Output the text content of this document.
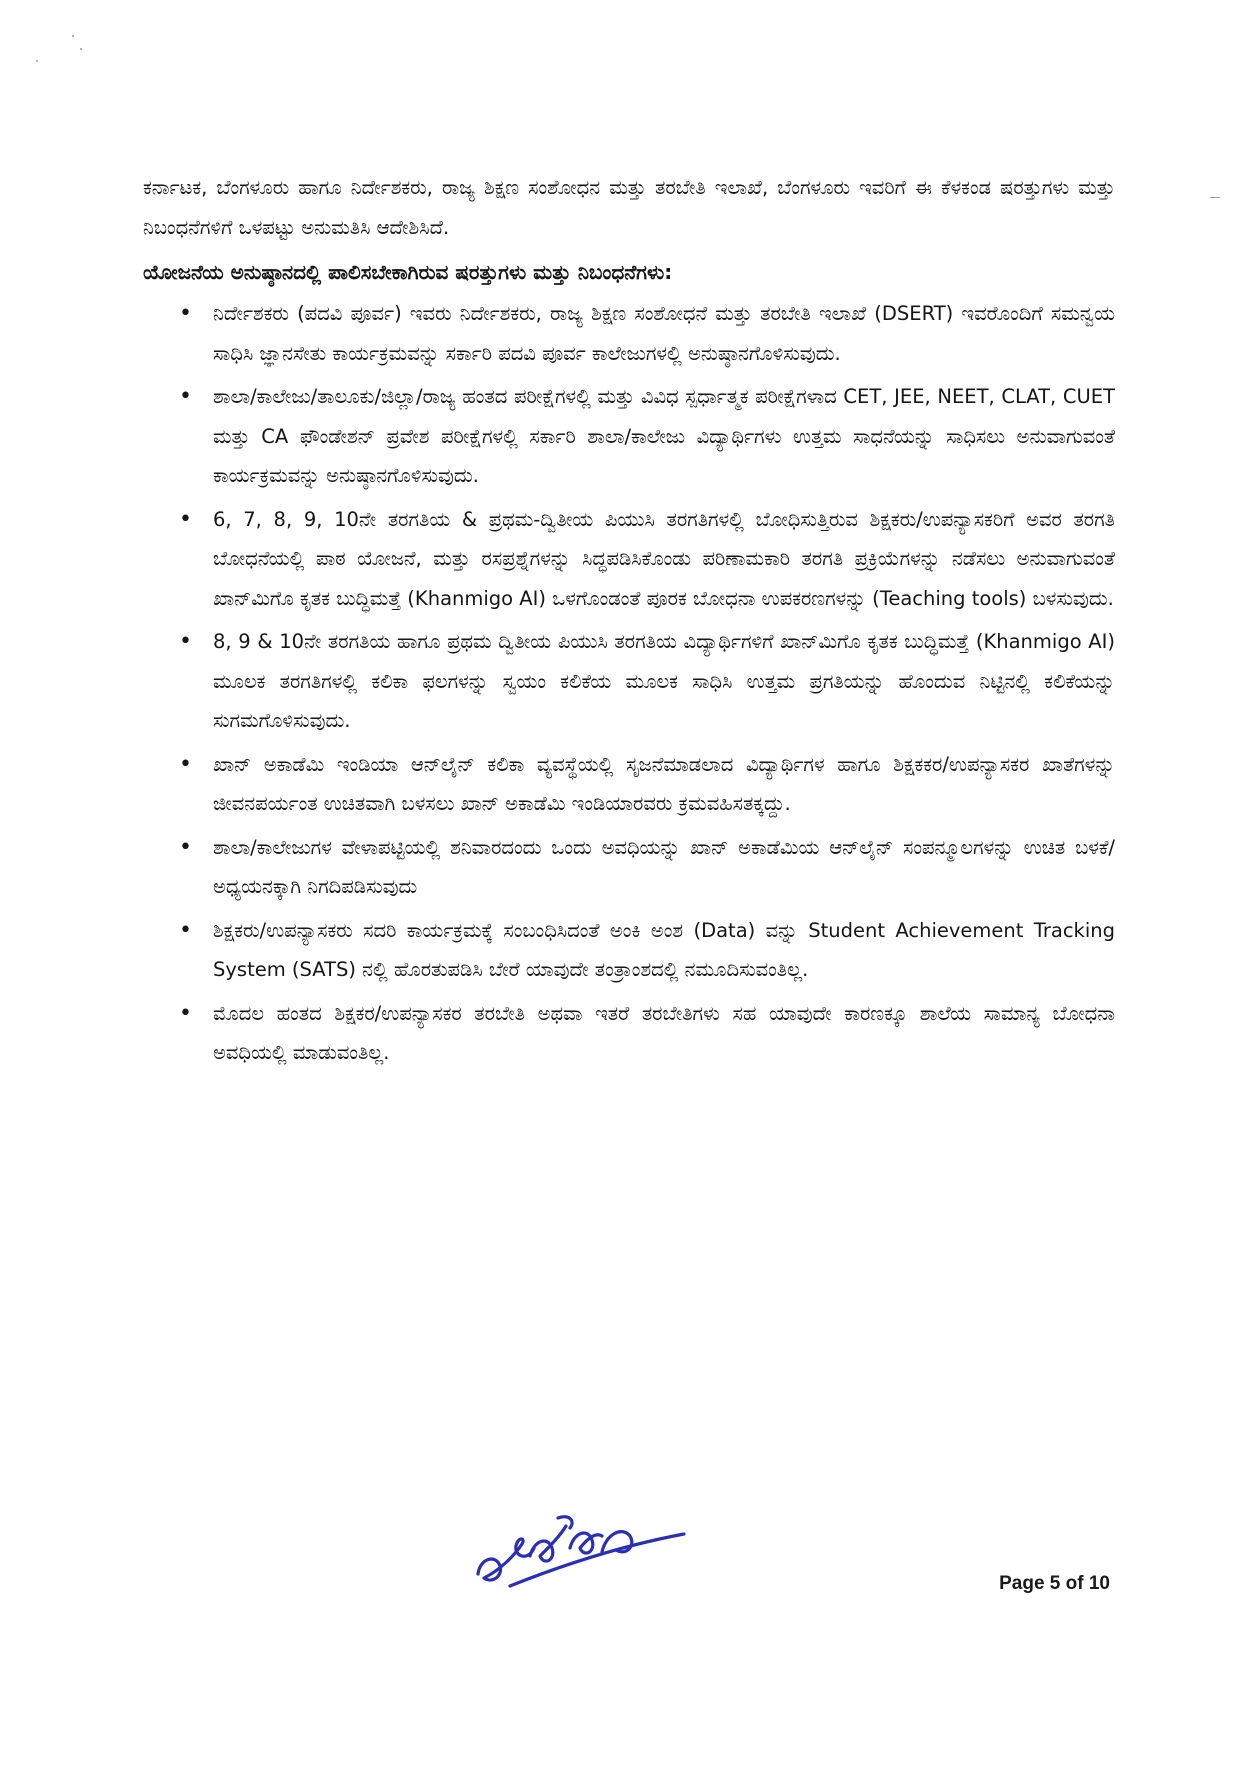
ಕರ್ನಾಟಕ, ಬೆಂಗಳೂರು ಹಾಗೂ ನಿರ್ದೇಶಕರು, ರಾಜ್ಯ ಶಿಕ್ಷಣ ಸಂಶೋಧನ ಮತ್ತು ತರಬೇತಿ ಇಲಾಖೆ, ಬೆಂಗಳೂರು ಇವರಿಗೆ ಈ ಕೆಳಕಂಡ ಷರತ್ತುಗಳು ಮತ್ತು ನಿಬಂಧನೆಗಳಿಗೆ ಒಳಪಟ್ಟು ಅನುಮತಿಸಿ ಆದೇಶಿಸಿದೆ.

ಯೋಜನೆಯ ಅನುಷ್ಠಾನದಲ್ಲಿ ಪಾಲಿಸಬೇಕಾಗಿರುವ ಷರತ್ತುಗಳು ಮತ್ತು ನಿಬಂಧನೆಗಳು:

• ನಿರ್ದೇಶಕರು (ಪದವಿ ಪೂರ್ವ) ಇವರು ನಿರ್ದೇಶಕರು, ರಾಜ್ಯ ಶಿಕ್ಷಣ ಸಂಶೋಧನೆ ಮತ್ತು ತರಬೇತಿ ಇಲಾಖೆ (DSERT) ಇವರೊಂದಿಗೆ ಸಮನ್ವಯ ಸಾಧಿಸಿ ಜ್ಞಾನಸೇತು ಕಾರ್ಯಕ್ರಮವನ್ನು ಸರ್ಕಾರಿ ಪದವಿ ಪೂರ್ವ ಕಾಲೇಜುಗಳಲ್ಲಿ ಅನುಷ್ಠಾನಗೊಳಿಸುವುದು.
• ಶಾಲಾ/ಕಾಲೇಜು/ತಾಲೂಕು/ಜಿಲ್ಲಾ/ರಾಜ್ಯ ಹಂತದ ಪರೀಕ್ಷೆಗಳಲ್ಲಿ ಮತ್ತು ವಿವಿಧ ಸ್ಪರ್ಧಾತ್ಮಕ ಪರೀಕ್ಷೆಗಳಾದ CET, JEE, NEET, CLAT, CUET ಮತ್ತು CA ಫೌಂಡೇಶನ್ ಪ್ರವೇಶ ಪರೀಕ್ಷೆಗಳಲ್ಲಿ ಸರ್ಕಾರಿ ಶಾಲಾ/ಕಾಲೇಜು ವಿದ್ಯಾರ್ಥಿಗಳು ಉತ್ತಮ ಸಾಧನೆಯನ್ನು ಸಾಧಿಸಲು ಅನುವಾಗುವಂತೆ ಕಾರ್ಯಕ್ರಮವನ್ನು ಅನುಷ್ಠಾನಗೊಳಿಸುವುದು.
• 6, 7, 8, 9, 10ನೇ ತರಗತಿಯ & ಪ್ರಥಮ-ದ್ವಿತೀಯ ಪಿಯುಸಿ ತರಗತಿಗಳಲ್ಲಿ ಬೋಧಿಸುತ್ತಿರುವ ಶಿಕ್ಷಕರು/ಉಪನ್ಯಾಸಕರಿಗೆ ಅವರ ತರಗತಿ ಬೋಧನೆಯಲ್ಲಿ ಪಾಠ ಯೋಜನೆ, ಮತ್ತು ರಸಪ್ರಶ್ನೆಗಳನ್ನು ಸಿದ್ಧಪಡಿಸಿಕೊಂಡು ಪರಿಣಾಮಕಾರಿ ತರಗತಿ ಪ್ರಕ್ರಿಯೆಗಳನ್ನು ನಡೆಸಲು ಅನುವಾಗುವಂತೆ ಖಾನ್‌ಮಿಗೊ ಕೃತಕ ಬುದ್ಧಿಮತ್ತೆ (Khanmigo AI) ಒಳಗೊಂಡಂತೆ ಪೂರಕ ಬೋಧನಾ ಉಪಕರಣಗಳನ್ನು (Teaching tools) ಬಳಸುವುದು.
• 8, 9 & 10ನೇ ತರಗತಿಯ ಹಾಗೂ ಪ್ರಥಮ ದ್ವಿತೀಯ ಪಿಯುಸಿ ತರಗತಿಯ ವಿದ್ಯಾರ್ಥಿಗಳಿಗೆ ಖಾನ್‌ಮಿಗೊ ಕೃತಕ ಬುದ್ಧಿಮತ್ತೆ (Khanmigo AI) ಮೂಲಕ ತರಗತಿಗಳಲ್ಲಿ ಕಲಿಕಾ ಫಲಗಳನ್ನು ಸ್ವಯಂ ಕಲಿಕೆಯ ಮೂಲಕ ಸಾಧಿಸಿ ಉತ್ತಮ ಪ್ರಗತಿಯನ್ನು ಹೊಂದುವ ನಿಟ್ಟಿನಲ್ಲಿ ಕಲಿಕೆಯನ್ನು ಸುಗಮಗೊಳಿಸುವುದು.
• ಖಾನ್ ಅಕಾಡೆಮಿ ಇಂಡಿಯಾ ಆನ್‌ಲೈನ್ ಕಲಿಕಾ ವ್ಯವಸ್ಥೆಯಲ್ಲಿ ಸೃಜನೆಮಾಡಲಾದ ವಿದ್ಯಾರ್ಥಿಗಳ ಹಾಗೂ ಶಿಕ್ಷಕಕರ/ಉಪನ್ಯಾಸಕರ ಖಾತೆಗಳನ್ನು ಜೀವನಪರ್ಯಂತ ಉಚಿತವಾಗಿ ಬಳಸಲು ಖಾನ್ ಅಕಾಡೆಮಿ ಇಂಡಿಯಾರವರು ಕ್ರಮವಹಿಸತಕ್ಕದ್ದು.
• ಶಾಲಾ/ಕಾಲೇಜುಗಳ ವೇಳಾಪಟ್ಟಿಯಲ್ಲಿ ಶನಿವಾರದಂದು ಒಂದು ಅವಧಿಯನ್ನು ಖಾನ್ ಅಕಾಡೆಮಿಯ ಆನ್‌ಲೈನ್ ಸಂಪನ್ಮೂಲಗಳನ್ನು ಉಚಿತ ಬಳಕೆ/ಅಧ್ಯಯನಕ್ಕಾಗಿ ನಿಗದಿಪಡಿಸುವುದು
• ಶಿಕ್ಷಕರು/ಉಪನ್ಯಾಸಕರು ಸದರಿ ಕಾರ್ಯಕ್ರಮಕ್ಕೆ ಸಂಬಂಧಿಸಿದಂತೆ ಅಂಕಿ ಅಂಶ (Data) ವನ್ನು Student Achievement Tracking System (SATS) ನಲ್ಲಿ ಹೊರತುಪಡಿಸಿ ಬೇರೆ ಯಾವುದೇ ತಂತ್ರಾಂಶದಲ್ಲಿ ನಮೂದಿಸುವಂತಿಲ್ಲ.
• ಮೊದಲ ಹಂತದ ಶಿಕ್ಷಕರ/ಉಪನ್ಯಾಸಕರ ತರಬೇತಿ ಅಥವಾ ಇತರೆ ತರಬೇತಿಗಳು ಸಹ ಯಾವುದೇ ಕಾರಣಕ್ಕೂ ಶಾಲೆಯ ಸಾಮಾನ್ಯ ಬೋಧನಾ ಅವಧಿಯಲ್ಲಿ ಮಾಡುವಂತಿಲ್ಲ.
Page 5 of 10
